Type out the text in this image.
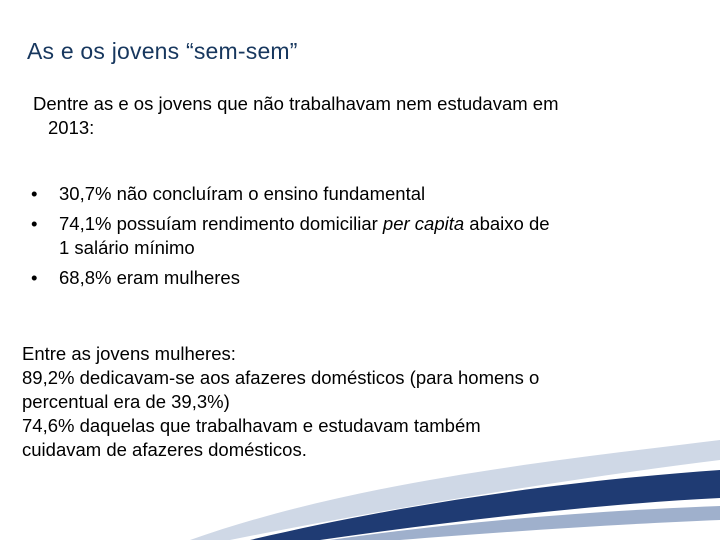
As e os jovens “sem-sem”
Dentre as e os jovens que não trabalhavam nem estudavam em
2013:
• 30,7% não concluíram o ensino fundamental
• 74,1% possuíam rendimento domiciliar per capita abaixo de
1 salário mínimo
• 68,8% eram mulheres
Entre as jovens mulheres:
89,2% dedicavam-se aos afazeres domésticos (para homens o
percentual era de 39,3%)
74,6% daquelas que trabalhavam e estudavam também
cuidavam de afazeres domésticos.
